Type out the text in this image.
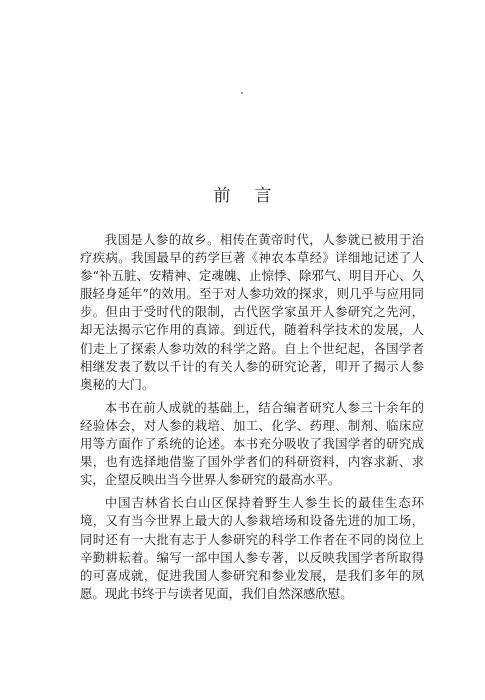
前言

我国是人参的故乡。相传在黄帝时代，人参就已被用于治疗疾病。我国最早的药学巨著《神农本草经》详细地记述了人参“补五脏、安精神、定魂魄、止惊悸、除邪气、明目开心、久服轻身延年”的效用。至于对人参功效的探求，则几乎与应用同步。但由于受时代的限制，古代医学家虽开人参研究之先河，却无法揭示它作用的真谛。到近代，随着科学技术的发展，人们走上了探索人参功效的科学之路。自上个世纪起，各国学者相继发表了数以千计的有关人参的研究论著，叩开了揭示人参奥秘的大门。

本书在前人成就的基础上，结合编者研究人参三十余年的经验体会，对人参的栽培、加工、化学、药理、制剂、临床应用等方面作了系统的论述。本书充分吸收了我国学者的研究成果，也有选择地借鉴了国外学者们的科研资料，内容求新、求实，企望反映出当今世界人参研究的最高水平。

中国吉林省长白山区保持着野生人参生长的最佳生态环境，又有当今世界上最大的人参栽培场和设备先进的加工场，同时还有一大批有志于人参研究的科学工作者在不同的岗位上辛勤耕耘着。编写一部中国人参专著，以反映我国学者所取得的可喜成就，促进我国人参研究和参业发展，是我们多年的夙愿。现此书终于与读者见面，我们自然深感欣慰。
